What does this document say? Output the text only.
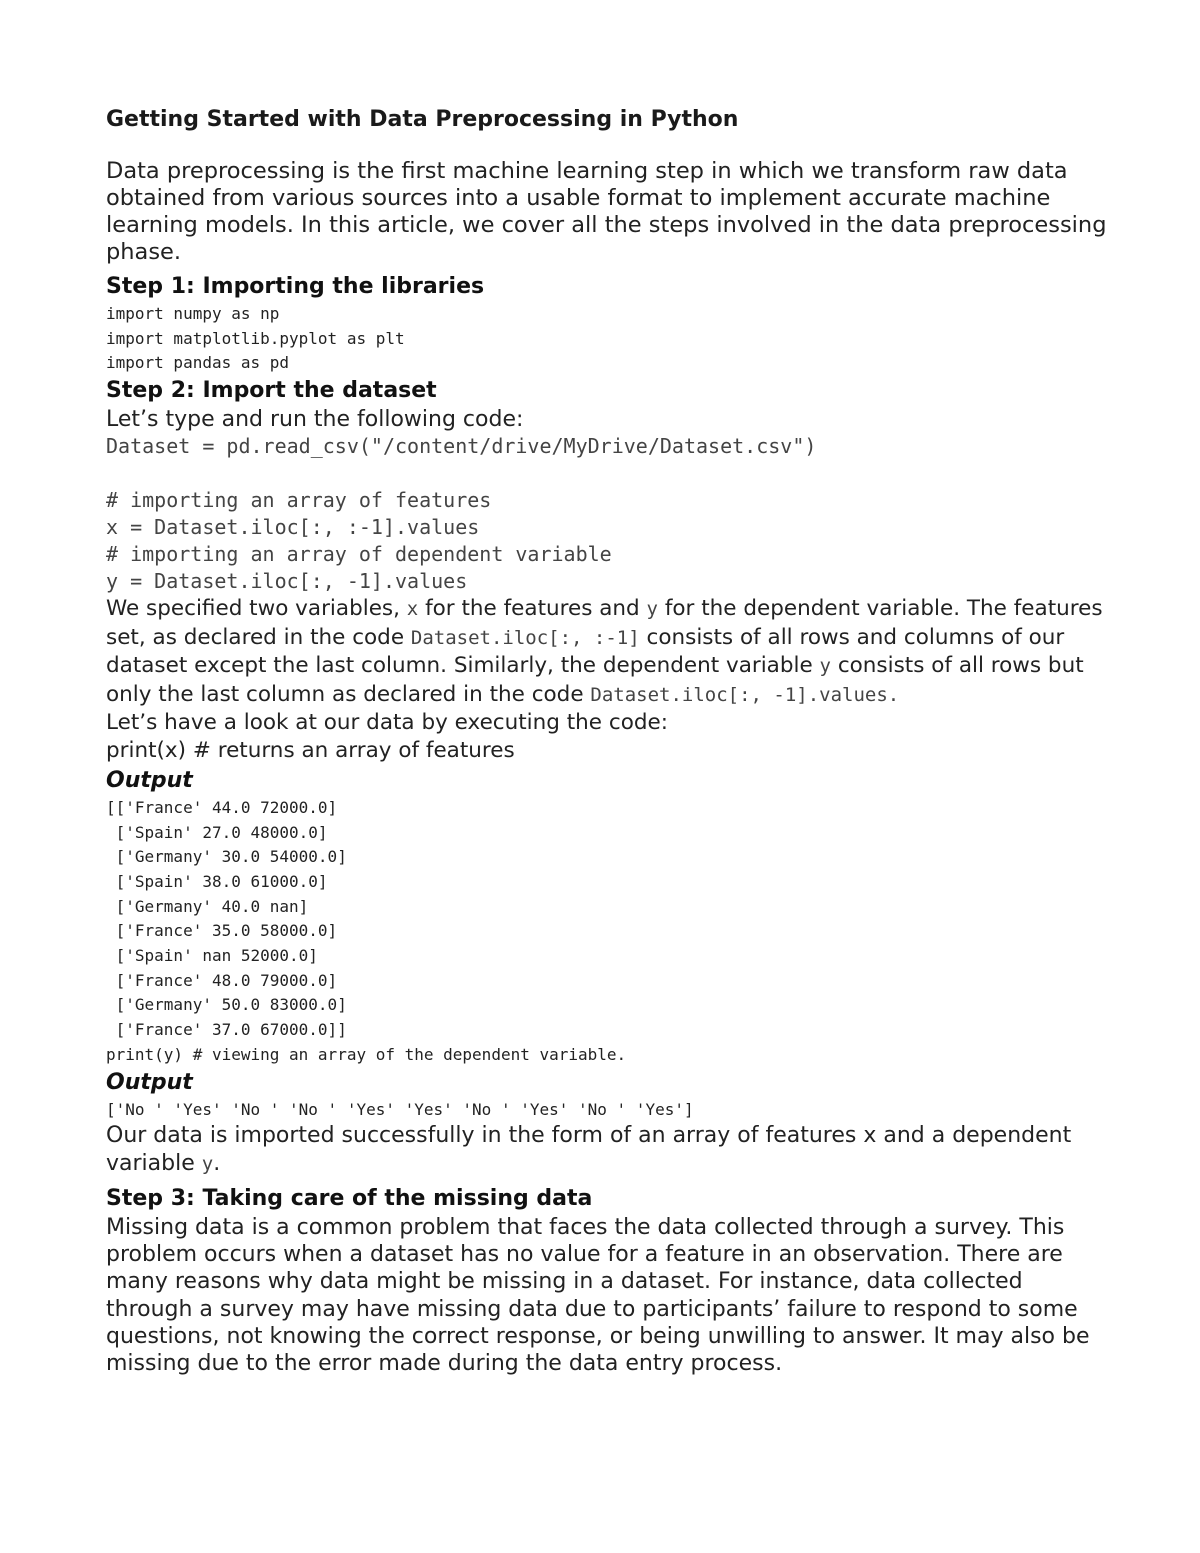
Getting Started with Data Preprocessing in Python

Data preprocessing is the first machine learning step in which we transform raw data obtained from various sources into a usable format to implement accurate machine learning models. In this article, we cover all the steps involved in the data preprocessing phase.

Step 1: Importing the libraries
import numpy as np
import matplotlib.pyplot as plt
import pandas as pd
Step 2: Import the dataset

Let’s type and run the following code:

Dataset = pd.read_csv("/content/drive/MyDrive/Dataset.csv")
# importing an array of features
x = Dataset.iloc[:, :-1].values
# importing an array of dependent variable
y = Dataset.iloc[:, -1].values

We specified two variables, x for the features and y for the dependent variable. The features set, as declared in the code Dataset.iloc[:, :-1] consists of all rows and columns of our dataset except the last column. Similarly, the dependent variable y consists of all rows but only the last column as declared in the code Dataset.iloc[:, -1].values.

Let’s have a look at our data by executing the code:

print(x) # returns an array of features

Output
[['France' 44.0 72000.0]
['Spain' 27.0 48000.0]
['Germany' 30.0 54000.0]
['Spain' 38.0 61000.0]
['Germany' 40.0 nan]
['France' 35.0 58000.0]
['Spain' nan 52000.0]
['France' 48.0 79000.0]
['Germany' 50.0 83000.0]
['France' 37.0 67000.0]]
print(y) # viewing an array of the dependent variable.
Output
['No ' 'Yes' 'No ' 'No ' 'Yes' 'Yes' 'No ' 'Yes' 'No ' 'Yes']

Our data is imported successfully in the form of an array of features x and a dependent variable y.

Step 3: Taking care of the missing data

Missing data is a common problem that faces the data collected through a survey. This problem occurs when a dataset has no value for a feature in an observation. There are many reasons why data might be missing in a dataset. For instance, data collected through a survey may have missing data due to participants’ failure to respond to some questions, not knowing the correct response, or being unwilling to answer. It may also be missing due to the error made during the data entry process.
